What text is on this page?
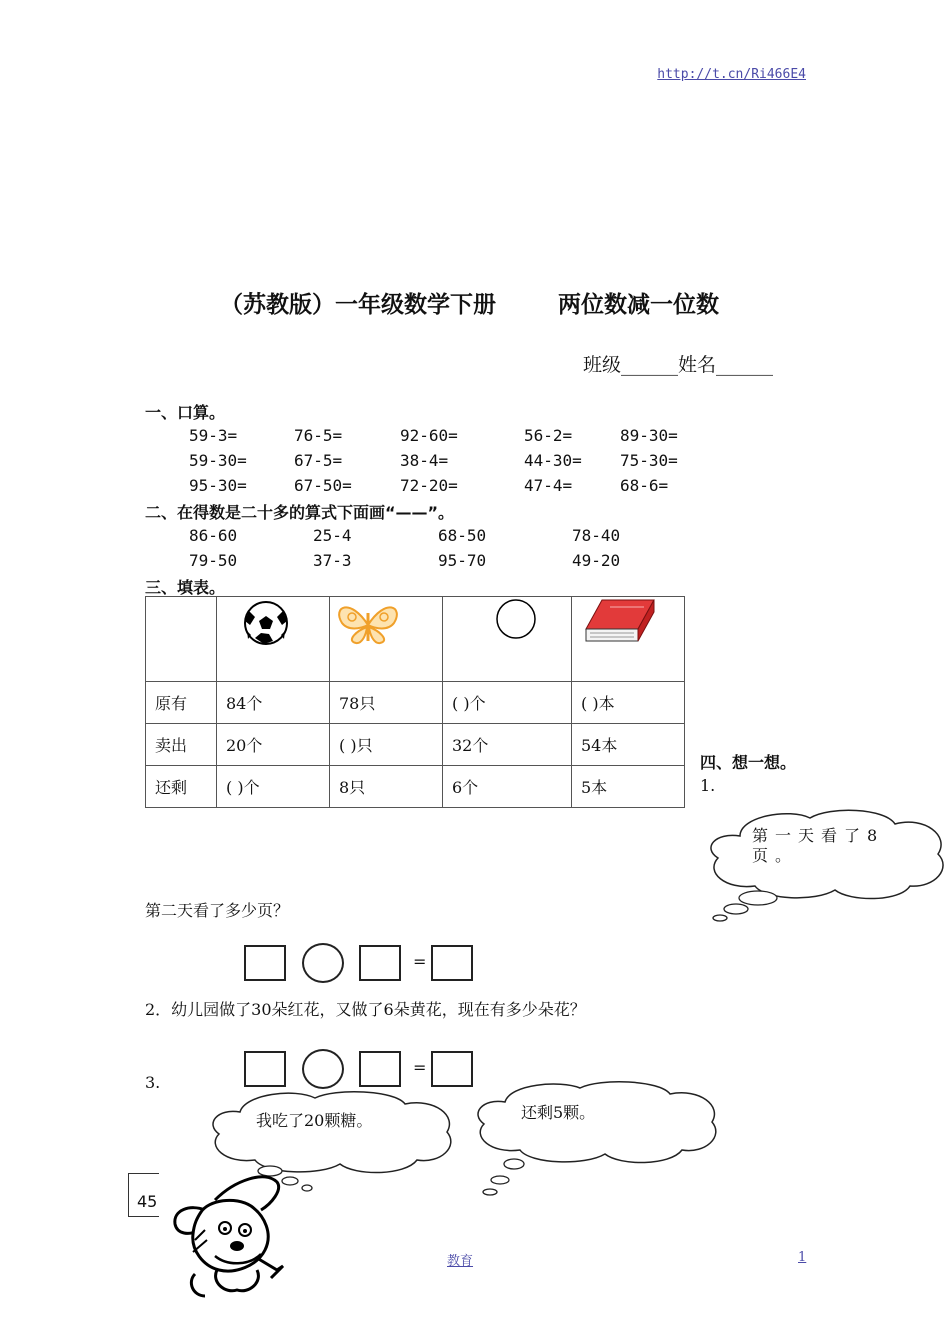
http://t.cn/Ri466E4
（苏教版）一年级数学下册	两位数减一位数
班级______姓名______
一、口算。
59-3=	76-5=	92-60=	56-2=	89-30=
59-30=	67-5=	38-4=	44-30= 75-30=
95-30=	67-50=	72-20=	47-4=	68-6=
二、在得数是二十多的算式下面画“——”。
86-60	25-4	68-50	78-40
79-50	37-3	95-70	49-20
三、填表。

原有	84个	78只	( )个	( )本
卖出	20个	( )只	32个	54本
还剩	( )个	8只	6个	5本
四、想一想。
1.
第一天看了8页。
第二天看了多少页？
=
2．幼儿园做了30朵红花，又做了6朵黄花，现在有多少朵花？
=
3.
我吃了20颗糖。	还剩5颗。
45
教育	1
